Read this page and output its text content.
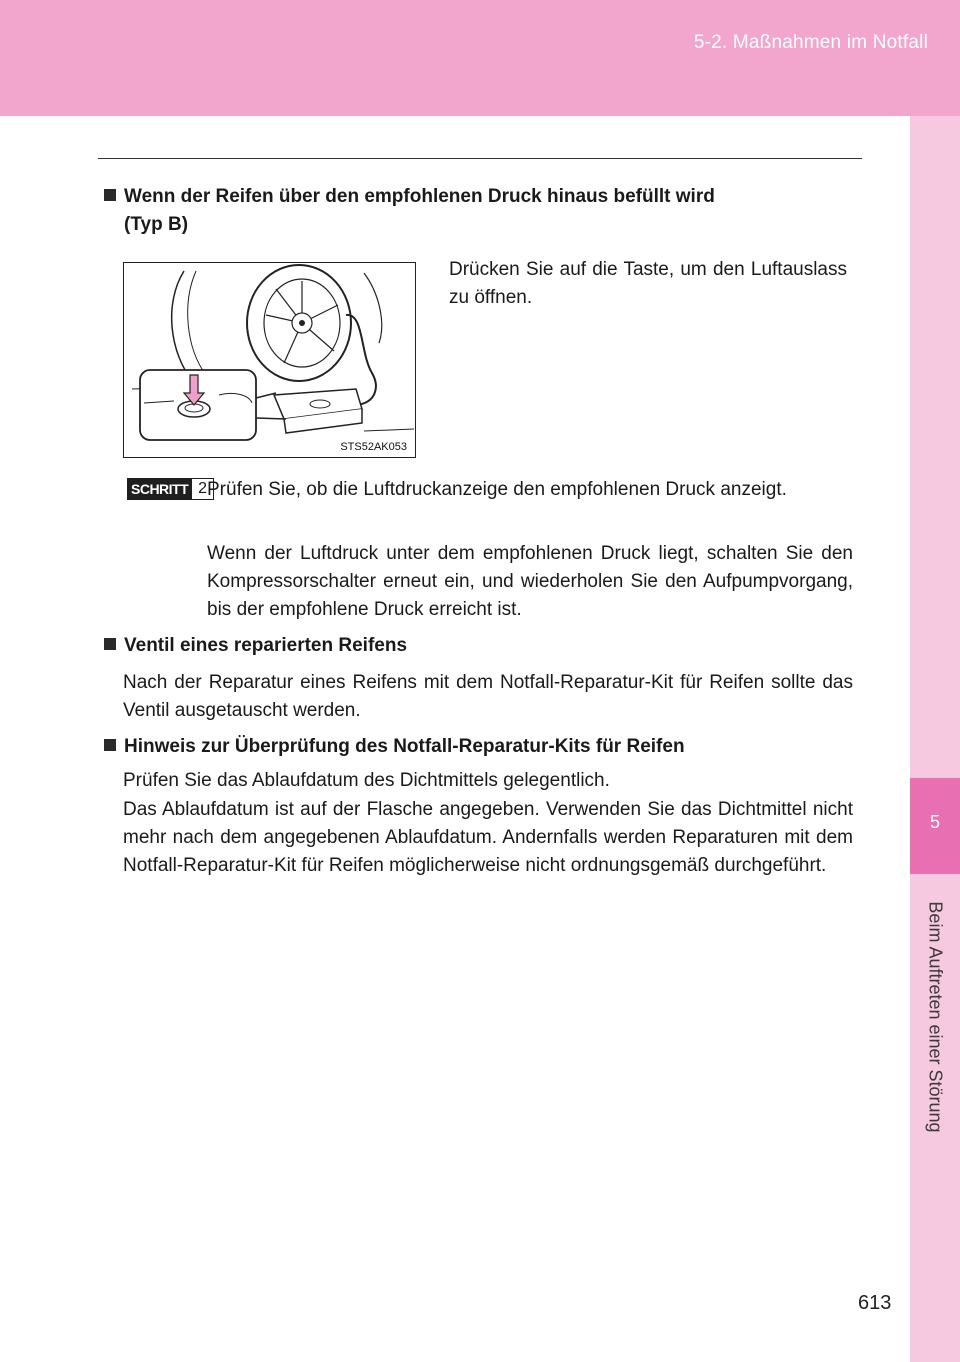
5-2. Maßnahmen im Notfall
5
Beim Auftreten einer Störung
Wenn der Reifen über den empfohlenen Druck hinaus befüllt wird
(Typ B)
STS52AK053
Drücken Sie auf die Taste, um den Luftauslass zu öffnen.
SCHRITT 2 Prüfen Sie, ob die Luftdruckanzeige den empfohlenen Druck anzeigt.
Wenn der Luftdruck unter dem empfohlenen Druck liegt, schalten Sie den Kompressorschalter erneut ein, und wiederholen Sie den Aufpumpvorgang, bis der empfohlene Druck erreicht ist.
Ventil eines reparierten Reifens
Nach der Reparatur eines Reifens mit dem Notfall-Reparatur-Kit für Reifen sollte das Ventil ausgetauscht werden.
Hinweis zur Überprüfung des Notfall-Reparatur-Kits für Reifen
Prüfen Sie das Ablaufdatum des Dichtmittels gelegentlich.
Das Ablaufdatum ist auf der Flasche angegeben. Verwenden Sie das Dichtmittel nicht mehr nach dem angegebenen Ablaufdatum. Andernfalls werden Reparaturen mit dem Notfall-Reparatur-Kit für Reifen möglicherweise nicht ordnungsgemäß durchgeführt.
613
